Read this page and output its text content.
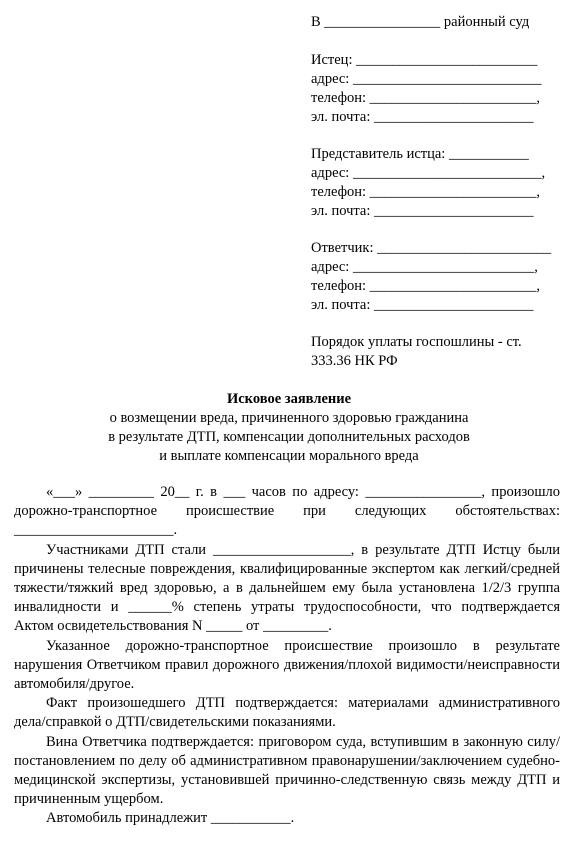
В ________________ районный суд
Истец: _________________________
адрес: __________________________
телефон: _______________________,
эл. почта: ______________________
Представитель истца: ___________
адрес: __________________________,
телефон: _______________________,
эл. почта: ______________________
Ответчик: ________________________
адрес: _________________________,
телефон: _______________________,
эл. почта: ______________________
Порядок уплаты госпошлины - ст.
333.36 НК РФ
Исковое заявление
о возмещении вреда, причиненного здоровью гражданина
в результате ДТП, компенсации дополнительных расходов
и выплате компенсации морального вреда

«___» _________ 20__ г. в ___ часов по адресу: ________________, произошло дорожно-транспортное происшествие при следующих обстоятельствах: ______________________.

Участниками ДТП стали ___________________, в результате ДТП Истцу были причинены телесные повреждения, квалифицированные экспертом как легкий/средней тяжести/тяжкий вред здоровью, а в дальнейшем ему была установлена 1/2/3 группа инвалидности и ______% степень утраты трудоспособности, что подтверждается Актом освидетельствования N _____ от _________.

Указанное дорожно-транспортное происшествие произошло в результате нарушения Ответчиком правил дорожного движения/плохой видимости/неисправности автомобиля/другое.

Факт произошедшего ДТП подтверждается: материалами административного дела/справкой о ДТП/свидетельскими показаниями.

Вина Ответчика подтверждается: приговором суда, вступившим в законную силу/постановлением по делу об административном правонарушении/заключением судебно-медицинской экспертизы, установившей причинно-следственную связь между ДТП и причиненным ущербом.

Автомобиль принадлежит ___________.
